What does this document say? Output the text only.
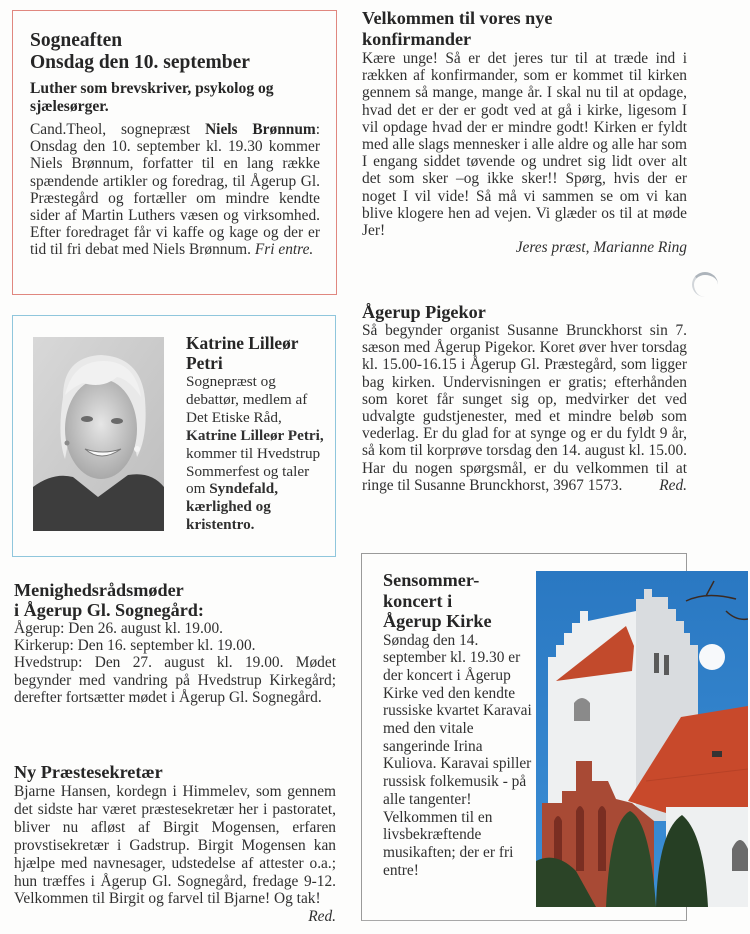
Sogneaften
Onsdag den 10. september
Luther som brevskriver, psykolog og sjælesørger.

Cand.Theol, sognepræst Niels Brønnum: Onsdag den 10. september kl. 19.30 kommer Niels Brønnum, forfatter til en lang række spændende artikler og foredrag, til Ågerup Gl. Præstegård og fortæller om mindre kendte sider af Martin Luthers væsen og virksomhed. Efter foredraget får vi kaffe og kage og der er tid til fri debat med Niels Brønnum. Fri entre.

Katrine Lilleør
Petri

Sognepræst og debattør, medlem af Det Etiske Råd, Katrine Lilleør Petri, kommer til Hvedstrup Sommerfest og taler om Syndefald, kærlighed og kristentro.

Menighedsrådsmøder
i Ågerup Gl. Sognegård:
Ågerup: Den 26. august kl. 19.00.
Kirkerup: Den 16. september kl. 19.00.

Hvedstrup: Den 27. august kl. 19.00. Mødet begynder med vandring på Hvedstrup Kirkegård; derefter fortsætter mødet i Ågerup Gl. Sognegård.

Ny Præstesekretær

Bjarne Hansen, kordegn i Himmelev, som gennem det sidste har været præstesekretær her i pastoratet, bliver nu afløst af Birgit Mogensen, erfaren provstisekretær i Gadstrup. Birgit Mogensen kan hjælpe med navnesager, udstedelse af attester o.a.; hun træffes i Ågerup Gl. Sognegård, fredage 9-12. Velkommen til Birgit og farvel til Bjarne! Og tak!
Red.

Velkommen til vores nye konfirmander

Kære unge! Så er det jeres tur til at træde ind i rækken af konfirmander, som er kommet til kirken gennem så mange, mange år. I skal nu til at opdage, hvad det er der er godt ved at gå i kirke, ligesom I vil opdage hvad der er mindre godt! Kirken er fyldt med alle slags mennesker i alle aldre og alle har som I engang siddet tøvende og undret sig lidt over alt det som sker –og ikke sker!! Spørg, hvis der er noget I vil vide! Så må vi sammen se om vi kan blive klogere hen ad vejen. Vi glæder os til at møde Jer!

Jeres præst, Marianne Ring
Ågerup Pigekor

Så begynder organist Susanne Brunckhorst sin 7. sæson med Ågerup Pigekor. Koret øver hver torsdag kl. 15.00-16.15 i Ågerup Gl. Præstegård, som ligger bag kirken. Undervisningen er gratis; efterhånden som koret får sunget sig op, medvirker det ved udvalgte gudstjenester, med et mindre beløb som vederlag. Er du glad for at synge og er du fyldt 9 år, så kom til korprøve torsdag den 14. august kl. 15.00. Har du nogen spørgsmål, er du velkommen til at ringe til Susanne Brunckhorst, 3967 1573. Red.

Sensommer-
koncert i
Ågerup Kirke

Søndag den 14. september kl. 19.30 er der koncert i Ågerup Kirke ved den kendte russiske kvartet Karavai med den vitale sangerinde Irina Kuliova. Karavai spiller russisk folkemusik - på alle tangenter! Velkommen til en livsbekræftende musikaften; der er fri entre!
